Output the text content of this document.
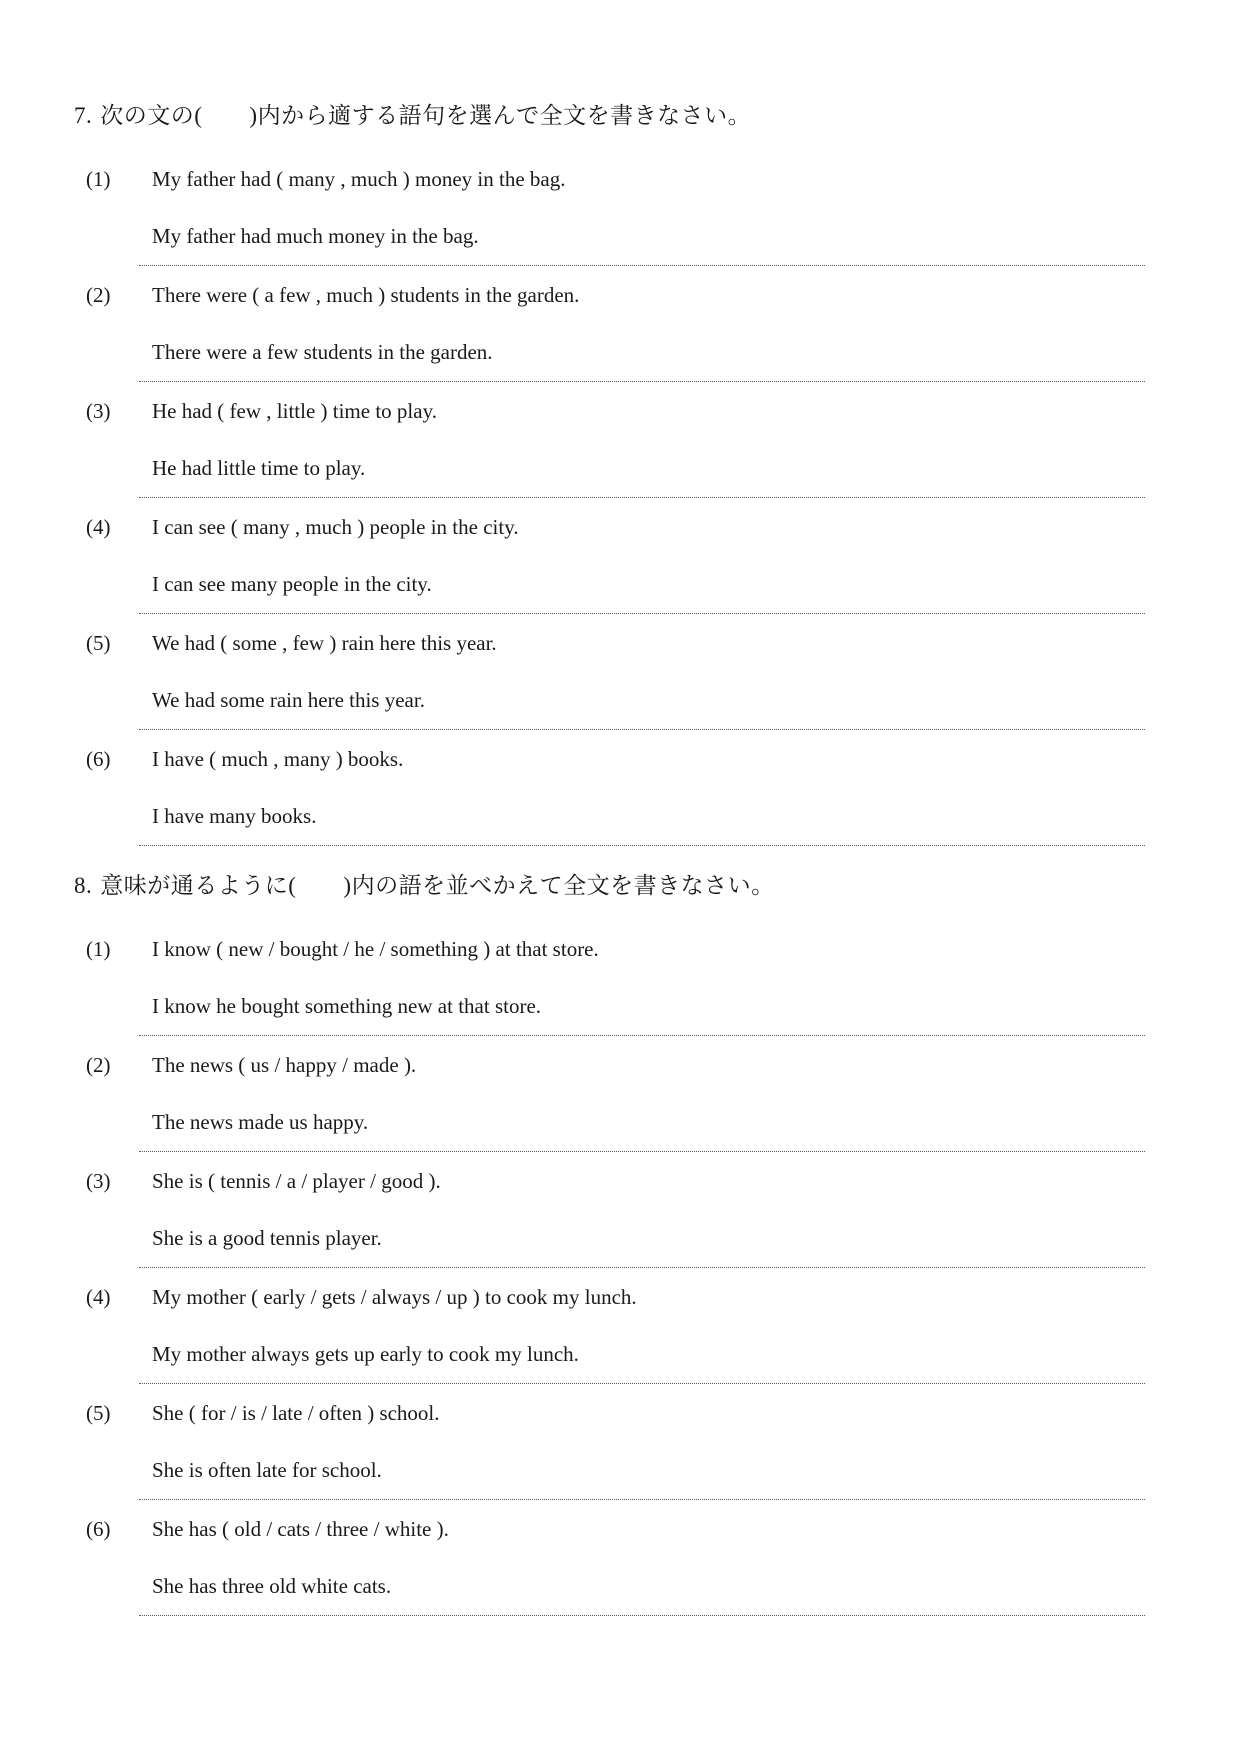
7. 次の文の(　　)内から適する語句を選んで全文を書きなさい。
(1) My father had ( many , much ) money in the bag.
My father had much money in the bag.
(2) There were ( a few , much ) students in the garden.
There were a few students in the garden.
(3) He had ( few , little ) time to play.
He had little time to play.
(4) I can see ( many , much ) people in the city.
I can see many people in the city.
(5) We had ( some , few ) rain here this year.
We had some rain here this year.
(6) I have ( much , many ) books.
I have many books.
8. 意味が通るように(　　)内の語を並べかえて全文を書きなさい。
(1) I know ( new / bought / he / something ) at that store.
I know he bought something new at that store.
(2) The news ( us / happy / made ).
The news made us happy.
(3) She is ( tennis / a / player / good ).
She is a good tennis player.
(4) My mother ( early / gets / always / up ) to cook my lunch.
My mother always gets up early to cook my lunch.
(5) She ( for / is / late / often ) school.
She is often late for school.
(6) She has ( old / cats / three / white ).
She has three old white cats.
